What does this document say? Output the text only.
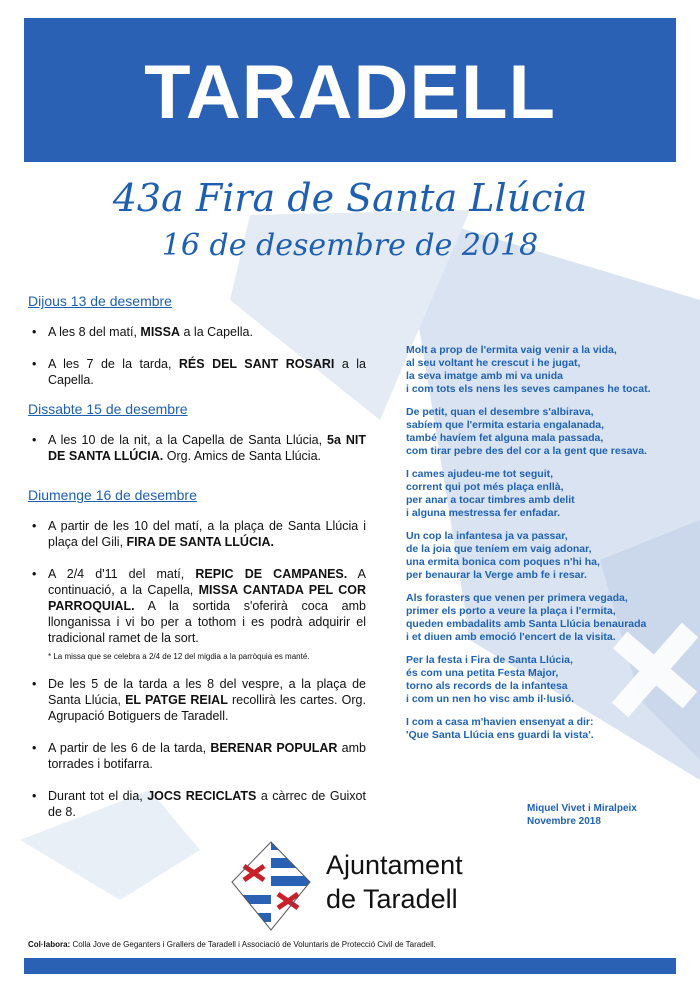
TARADELL
43a Fira de Santa Llúcia
16 de desembre de 2018
Dijous 13 de desembre
• A les 8 del matí, MISSA a la Capella.
• A les 7 de la tarda, RÉS DEL SANT ROSARI a la Capella.
Dissabte 15 de desembre
• A les 10 de la nit, a la Capella de Santa Llúcia, 5a NIT DE SANTA LLÚCIA. Org. Amics de Santa Llúcia.
Diumenge 16 de desembre
• A partir de les 10 del matí, a la plaça de Santa Llúcia i plaça del Gili, FIRA DE SANTA LLÚCIA.
• A 2/4 d'11 del matí, REPIC DE CAMPANES. A continuació, a la Capella, MISSA CANTADA PEL COR PARROQUIAL. A la sortida s'oferirà coca amb llonganissa i vi bo per a tothom i es podrà adquirir el tradicional ramet de la sort.
* La missa que se celebra a 2/4 de 12 del migdia a la parròquia es manté.
• De les 5 de la tarda a les 8 del vespre, a la plaça de Santa Llúcia, EL PATGE REIAL recollirà les cartes. Org. Agrupació Botiguers de Taradell.
• A partir de les 6 de la tarda, BERENAR POPULAR amb torrades i botifarra.
• Durant tot el dia, JOCS RECICLATS a càrrec de Guixot de 8.
Molt a prop de l'ermita vaig venir a la vida,
al seu voltant he crescut i he jugat,
la seva imatge amb mi va unida
i com tots els nens les seves campanes he tocat.
De petit, quan el desembre s'albirava,
sabíem que l'ermita estaria engalanada,
també havíem fet alguna mala passada,
com tirar pebre des del cor a la gent que resava.
I cames ajudeu-me tot seguit,
corrent qui pot més plaça enllà,
per anar a tocar timbres amb delit
i alguna mestressa fer enfadar.
Un cop la infantesa ja va passar,
de la joia que teníem em vaig adonar,
una ermita bonica com poques n'hi ha,
per benaurar la Verge amb fe i resar.
Als forasters que venen per primera vegada,
primer els porto a veure la plaça i l'ermita,
queden embadalits amb Santa Llúcia benaurada
i et diuen amb emoció l'encert de la visita.
Per la festa i Fira de Santa Llúcia,
és com una petita Festa Major,
torno als records de la infantesa
i com un nen ho visc amb il·lusió.
I com a casa m'havien ensenyat a dir:
'Que Santa Llúcia ens guardi la vista'.
Miquel Vivet i Miralpeix
Novembre 2018
Ajuntament
de Taradell
Col·labora: Colla Jove de Geganters i Grallers de Taradell i Associació de Voluntaris de Protecció Civil de Taradell.
